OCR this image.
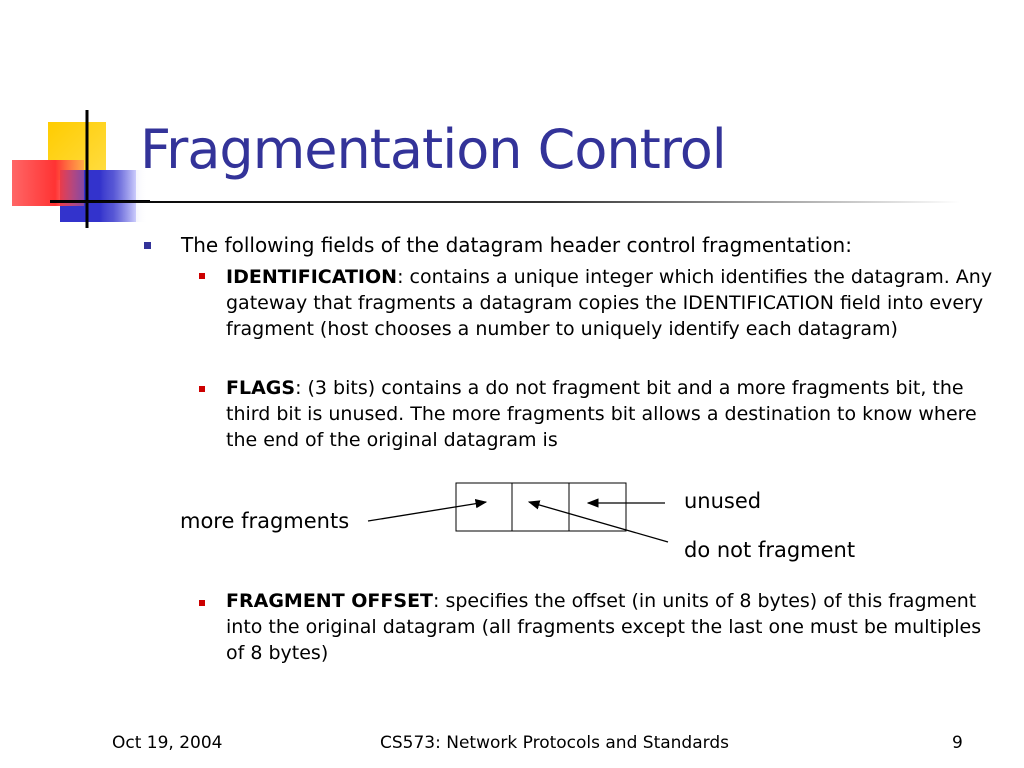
Fragmentation Control
The following fields of the datagram header control fragmentation:
IDENTIFICATION: contains a unique integer which identifies the datagram. Any gateway that fragments a datagram copies the IDENTIFICATION field into every fragment (host chooses a number to uniquely identify each datagram)
FLAGS: (3 bits) contains a do not fragment bit and a more fragments bit, the third bit is unused. The more fragments bit allows a destination to know where the end of the original datagram is
more fragments
unused
do not fragment
FRAGMENT OFFSET: specifies the offset (in units of 8 bytes) of this fragment into the original datagram (all fragments except the last one must be multiples of 8 bytes)
Oct 19, 2004	CS573: Network Protocols and Standards	9
